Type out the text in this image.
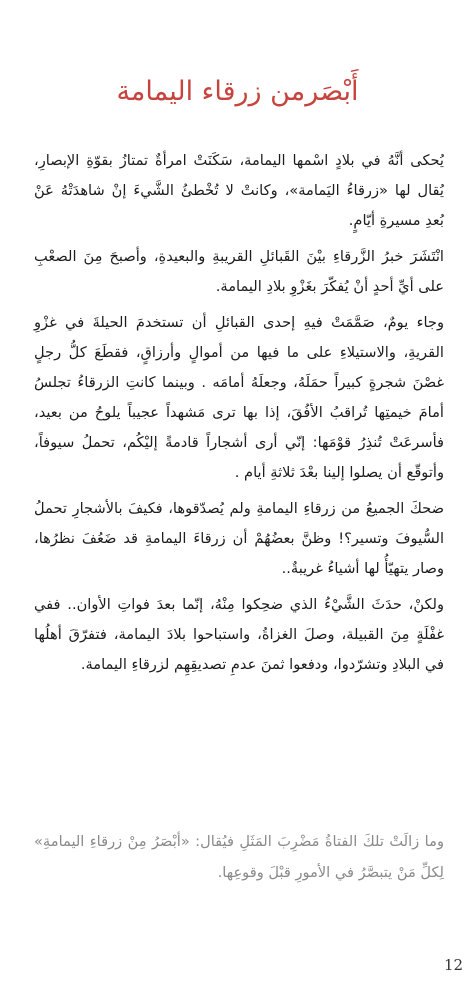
أَبْصَرمن زرقاء اليمامة

يُحكى أنَّهُ في بلادٍ اسْمها اليمامة، سَكَنَتْ امرأةٌ تمتازُ بقوّةِ الإبصارِ، يُقال لها «زرقاءُ اليَمامة»، وكانتْ لا تُخْطئُ الشَّيءَ إنْ شاهدَتْهُ عَنْ بُعدِ مسيرةِ أيّامٍ.

انْتَشَرَ خبرُ الزَّرقاءِ بيْنَ القَبائلِ القريبةِ والبعيدةِ، وأصبحَ مِنَ الصعْبِ على أيِّ أحدٍ أنْ يُفكّرَ بغَزْوِ بلادِ اليمامة.

وجاء يومٌ، صَمَّمَتْ فيهِ إحدى القبائلِ أن تستخدمَ الحيلةَ في غزْوِ القريةِ، والاستيلاءِ على ما فيها من أموالٍ وأرزاقٍ، فقطَعَ كلُّ رجلٍ غصْنَ شجرةٍ كبيراً حمَلَهُ، وجعلَهُ أمامَه . وبينما كانتِ الزرقاءُ تجلسُ أمامَ خيمتِها تُراقبُ الأفُقَ، إذا بها ترى مَشهداً عجيباً يلوحُ من بعيد، فأسرعَتْ تُنذِرُ قوْمَها: إنّي أرى أشجاراً قادمةً إليْكُم، تحملُ سيوفاً، وأتوقّع أن يصلوا إلينا بعْدَ ثلاثةِ أيام .

ضحكَ الجميعُ من زرقاءِ اليمامةِ ولم يُصدّقوها، فكيفَ بالأشجارِ تحملُ السُّيوفَ وتسير؟! وظنَّ بعضُهُمْ أن زرقاءَ اليمامةِ قد ضَعُفَ نظرُها، وصار يتهيّأُ لها أشياءُ غريبةٌ..

ولكنْ، حدَثَ الشَّيْءُ الذي ضحِكوا مِنْهُ، إنّما بعدَ فواتِ الأوان.. ففي غفْلَةٍ مِنَ القبيلة، وصلَ الغزاةُ، واستباحوا بلادَ اليمامة، فتفرّقَ أهلُها في البلادِ وتشرّدوا، ودفعوا ثمنَ عدمِ تصديقِهِم لزرقاءِ اليمامة.

وما زالَتْ تلكَ الفتاةُ مَضْرِبَ المَثَلِ فيُقال: «أبْصَرُ مِنْ زرقاءِ اليمامةِ» لِكلِّ مَنْ يتبصَّرُ في الأمورِ قبْلَ وقوعِها.

12
